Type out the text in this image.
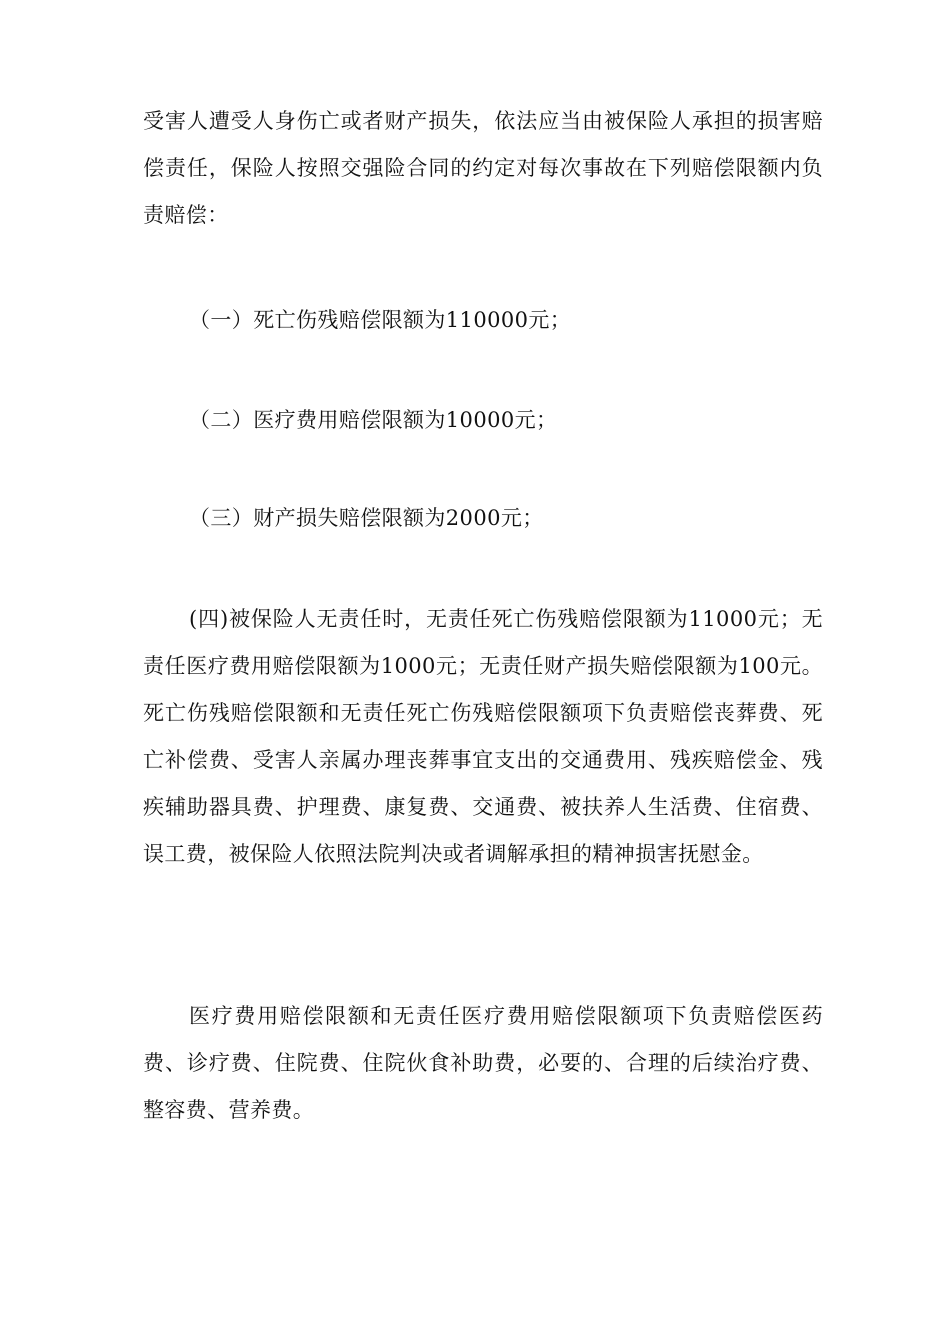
受害人遭受人身伤亡或者财产损失，依法应当由被保险人承担的损害赔偿责任，保险人按照交强险合同的约定对每次事故在下列赔偿限额内负责赔偿：

（一）死亡伤残赔偿限额为110000元；

（二）医疗费用赔偿限额为10000元；

（三）财产损失赔偿限额为2000元；

(四)被保险人无责任时，无责任死亡伤残赔偿限额为11000元；无责任医疗费用赔偿限额为1000元；无责任财产损失赔偿限额为100元。死亡伤残赔偿限额和无责任死亡伤残赔偿限额项下负责赔偿丧葬费、死亡补偿费、受害人亲属办理丧葬事宜支出的交通费用、残疾赔偿金、残疾辅助器具费、护理费、康复费、交通费、被扶养人生活费、住宿费、误工费，被保险人依照法院判决或者调解承担的精神损害抚慰金。

医疗费用赔偿限额和无责任医疗费用赔偿限额项下负责赔偿医药费、诊疗费、住院费、住院伙食补助费，必要的、合理的后续治疗费、整容费、营养费。
